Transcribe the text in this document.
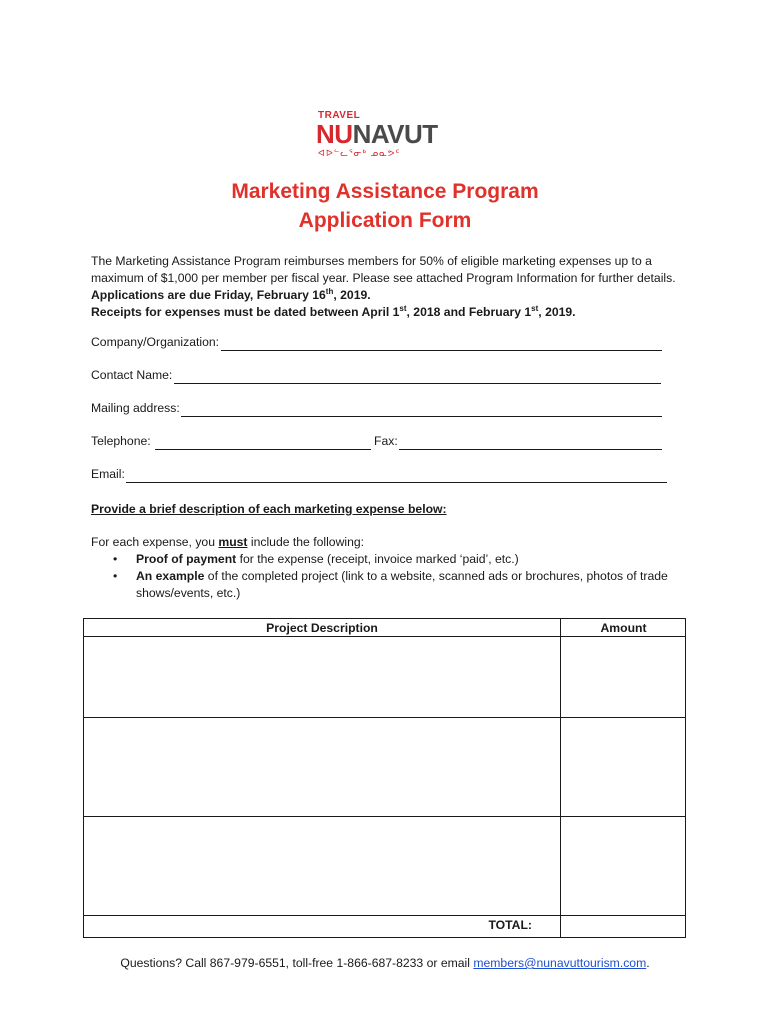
TRAVEL
NUNAVUT
ᐊᐅᓪᓚᕐᓂᒃ ᓄᓇᕗᑦ
Marketing Assistance Program
Application Form
The Marketing Assistance Program reimburses members for 50% of eligible marketing expenses up to a maximum of $1,000 per member per fiscal year. Please see attached Program Information for further details.
Applications are due Friday, February 16th, 2019.
Receipts for expenses must be dated between April 1st, 2018 and February 1st, 2019.
Company/Organization:
Contact Name:
Mailing address:
Telephone:	Fax:
Email:
Provide a brief description of each marketing expense below:
For each expense, you must include the following:
• Proof of payment for the expense (receipt, invoice marked ‘paid’, etc.)
• An example of the completed project (link to a website, scanned ads or brochures, photos of trade shows/events, etc.)
Project Description	Amount
TOTAL:
Questions? Call 867-979-6551, toll-free 1-866-687-8233 or email members@nunavuttourism.com.
